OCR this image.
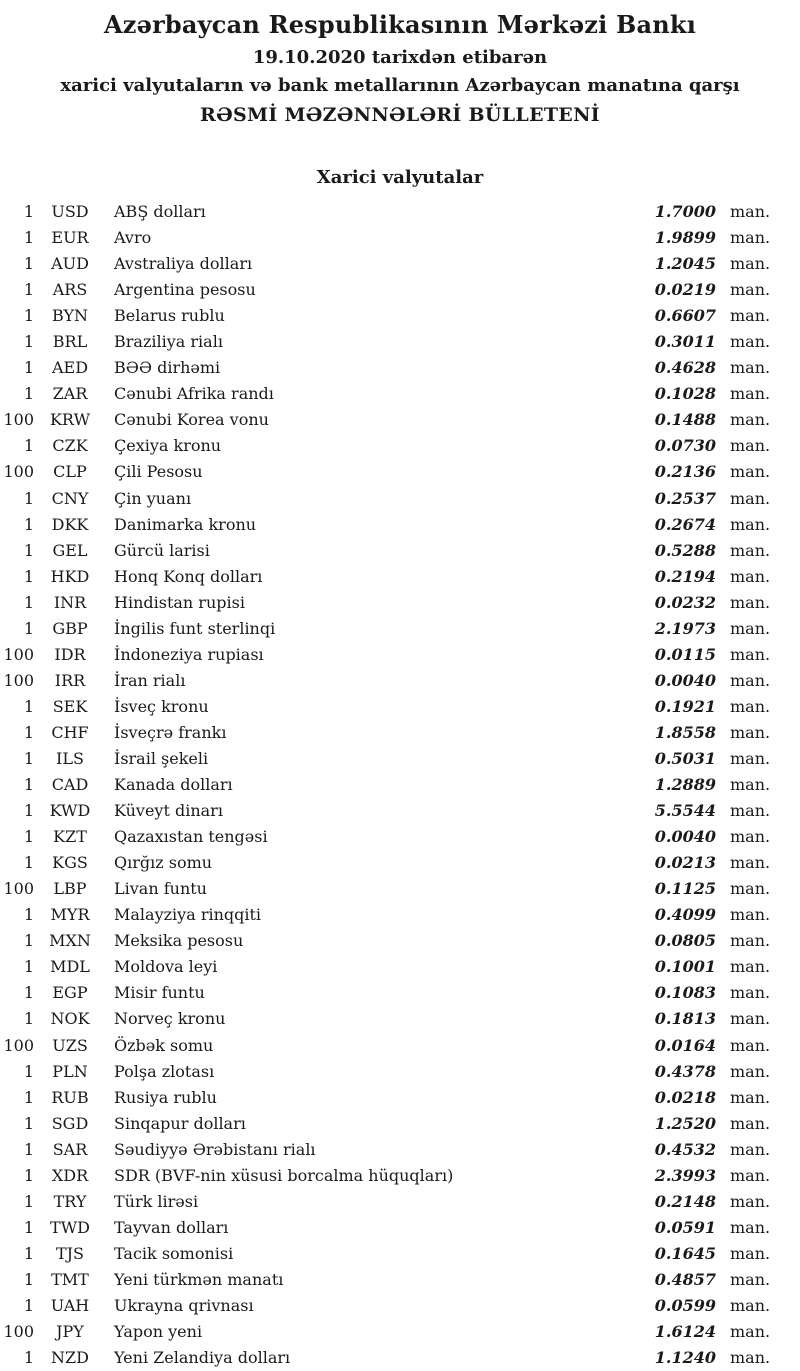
Azərbaycan Respublikasının Mərkəzi Bankı
19.10.2020 tarixdən etibarən
xarici valyutaların və bank metallarının Azərbaycan manatına qarşı
RƏSMİ MƏZƏNNƏLƏRİ BÜLLETENİ
Xarici valyutalar
1	USD	ABŞ dolları	1.7000 man.
1	EUR	Avro	1.9899 man.
1	AUD	Avstraliya dolları	1.2045 man.
1	ARS	Argentina pesosu	0.0219 man.
1	BYN	Belarus rublu	0.6607 man.
1	BRL	Braziliya rialı	0.3011 man.
1	AED	BƏƏ dirhəmi	0.4628 man.
1	ZAR	Cənubi Afrika randı	0.1028 man.
100 KRW	Cənubi Korea vonu	0.1488 man.
1	CZK	Çexiya kronu	0.0730 man.
100	CLP	Çili Pesosu	0.2136 man.
1	CNY	Çin yuanı	0.2537 man.
1	DKK	Danimarka kronu	0.2674 man.
1	GEL	Gürcü larisi	0.5288 man.
1	HKD	Honq Konq dolları	0.2194 man.
1	INR	Hindistan rupisi	0.0232 man.
1	GBP	İngilis funt sterlinqi	2.1973 man.
100	IDR	İndoneziya rupiası	0.0115 man.
100	IRR	İran rialı	0.0040 man.
1	SEK	İsveç kronu	0.1921 man.
1	CHF	İsveçrə frankı	1.8558 man.
1	ILS	İsrail şekeli	0.5031 man.
1	CAD	Kanada dolları	1.2889 man.
1 KWD	Küveyt dinarı	5.5544 man.
1	KZT	Qazaxıstan tengəsi	0.0040 man.
1	KGS	Qırğız somu	0.0213 man.
100	LBP	Livan funtu	0.1125 man.
1	MYR	Malayziya rinqqiti	0.4099 man.
1 MXN	Meksika pesosu	0.0805 man.
1	MDL	Moldova leyi	0.1001 man.
1	EGP	Misir funtu	0.1083 man.
1	NOK	Norveç kronu	0.1813 man.
100	UZS	Özbək somu	0.0164 man.
1	PLN	Polşa zlotası	0.4378 man.
1	RUB	Rusiya rublu	0.0218 man.
1	SGD	Sinqapur dolları	1.2520 man.
1	SAR	Səudiyyə Ərəbistanı rialı	0.4532 man.
1	XDR	SDR (BVF-nin xüsusi borcalma hüquqları)	2.3993 man.
1	TRY	Türk lirəsi	0.2148 man.
1	TWD	Tayvan dolları	0.0591 man.
1	TJS	Tacik somonisi	0.1645 man.
1	TMT	Yeni türkmən manatı	0.4857 man.
1	UAH	Ukrayna qrivnası	0.0599 man.
100	JPY	Yapon yeni	1.6124 man.
1	NZD	Yeni Zelandiya dolları	1.1240 man.
